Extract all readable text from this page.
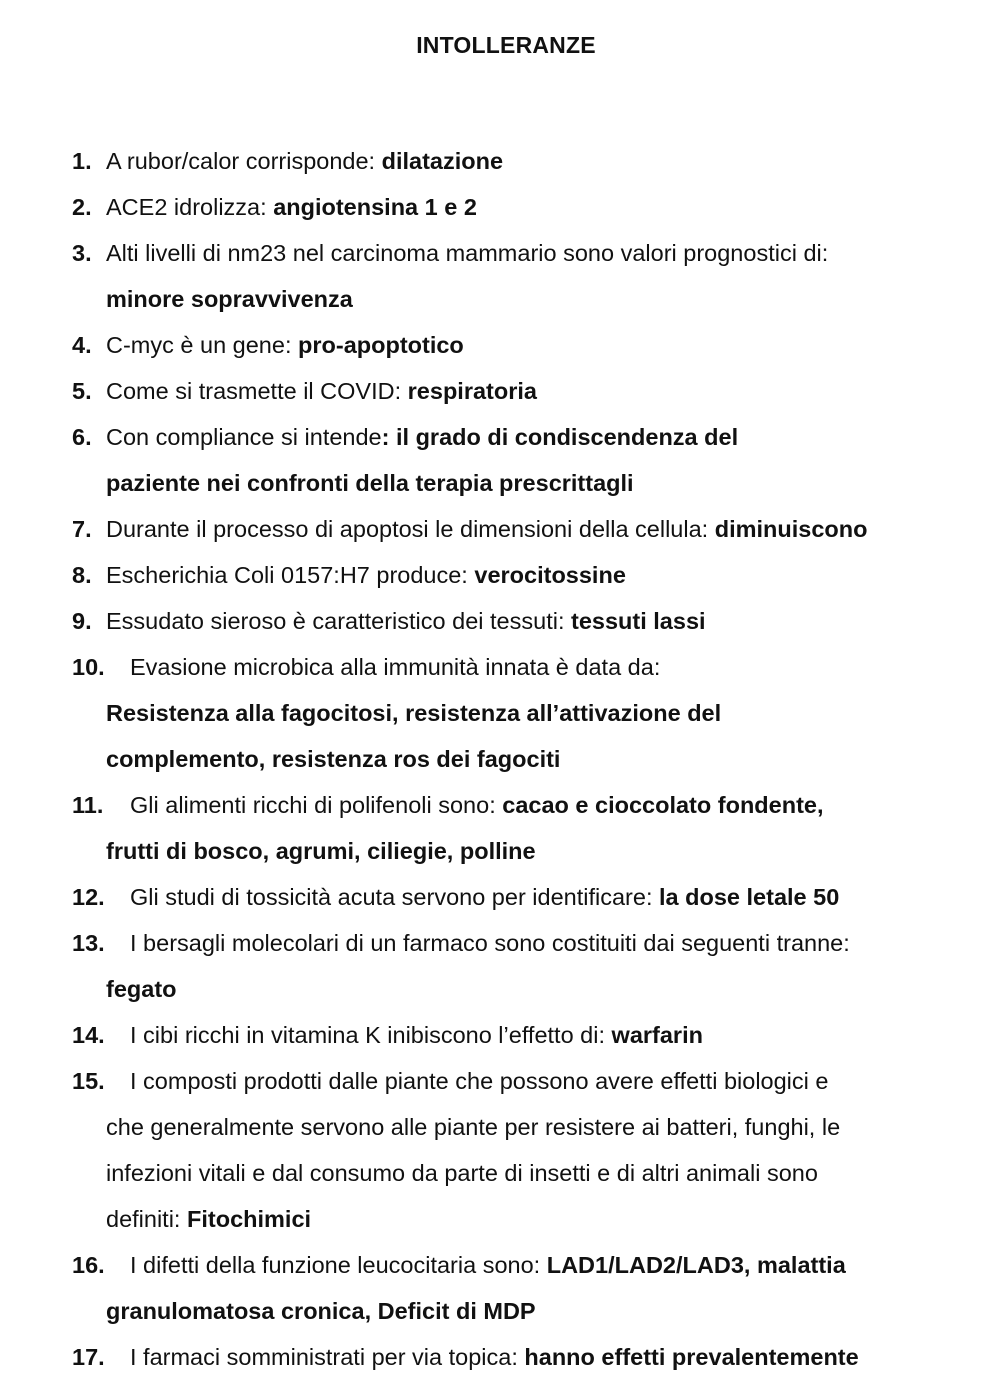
INTOLLERANZE
1. A rubor/calor corrisponde: dilatazione
2. ACE2 idrolizza: angiotensina 1 e 2
3. Alti livelli di nm23 nel carcinoma mammario sono valori prognostici di:
minore sopravvivenza
4. C-myc è un gene: pro-apoptotico
5. Come si trasmette il COVID: respiratoria
6. Con compliance si intende: il grado di condiscendenza del
paziente nei confronti della terapia prescrittagli
7. Durante il processo di apoptosi le dimensioni della cellula: diminuiscono
8. Escherichia Coli 0157:H7 produce: verocitossine
9. Essudato sieroso è caratteristico dei tessuti: tessuti lassi
10. Evasione microbica alla immunità innata è data da:
Resistenza alla fagocitosi, resistenza all’attivazione del
complemento, resistenza ros dei fagociti
11. Gli alimenti ricchi di polifenoli sono: cacao e cioccolato fondente,
frutti di bosco, agrumi, ciliegie, polline
12. Gli studi di tossicità acuta servono per identificare: la dose letale 50
13. I bersagli molecolari di un farmaco sono costituiti dai seguenti tranne:
fegato
14. I cibi ricchi in vitamina K inibiscono l’effetto di: warfarin
15. I composti prodotti dalle piante che possono avere effetti biologici e
che generalmente servono alle piante per resistere ai batteri, funghi, le
infezioni vitali e dal consumo da parte di insetti e di altri animali sono
definiti: Fitochimici
16. I difetti della funzione leucocitaria sono: LAD1/LAD2/LAD3, malattia
granulomatosa cronica, Deficit di MDP
17. I farmaci somministrati per via topica: hanno effetti prevalentemente
